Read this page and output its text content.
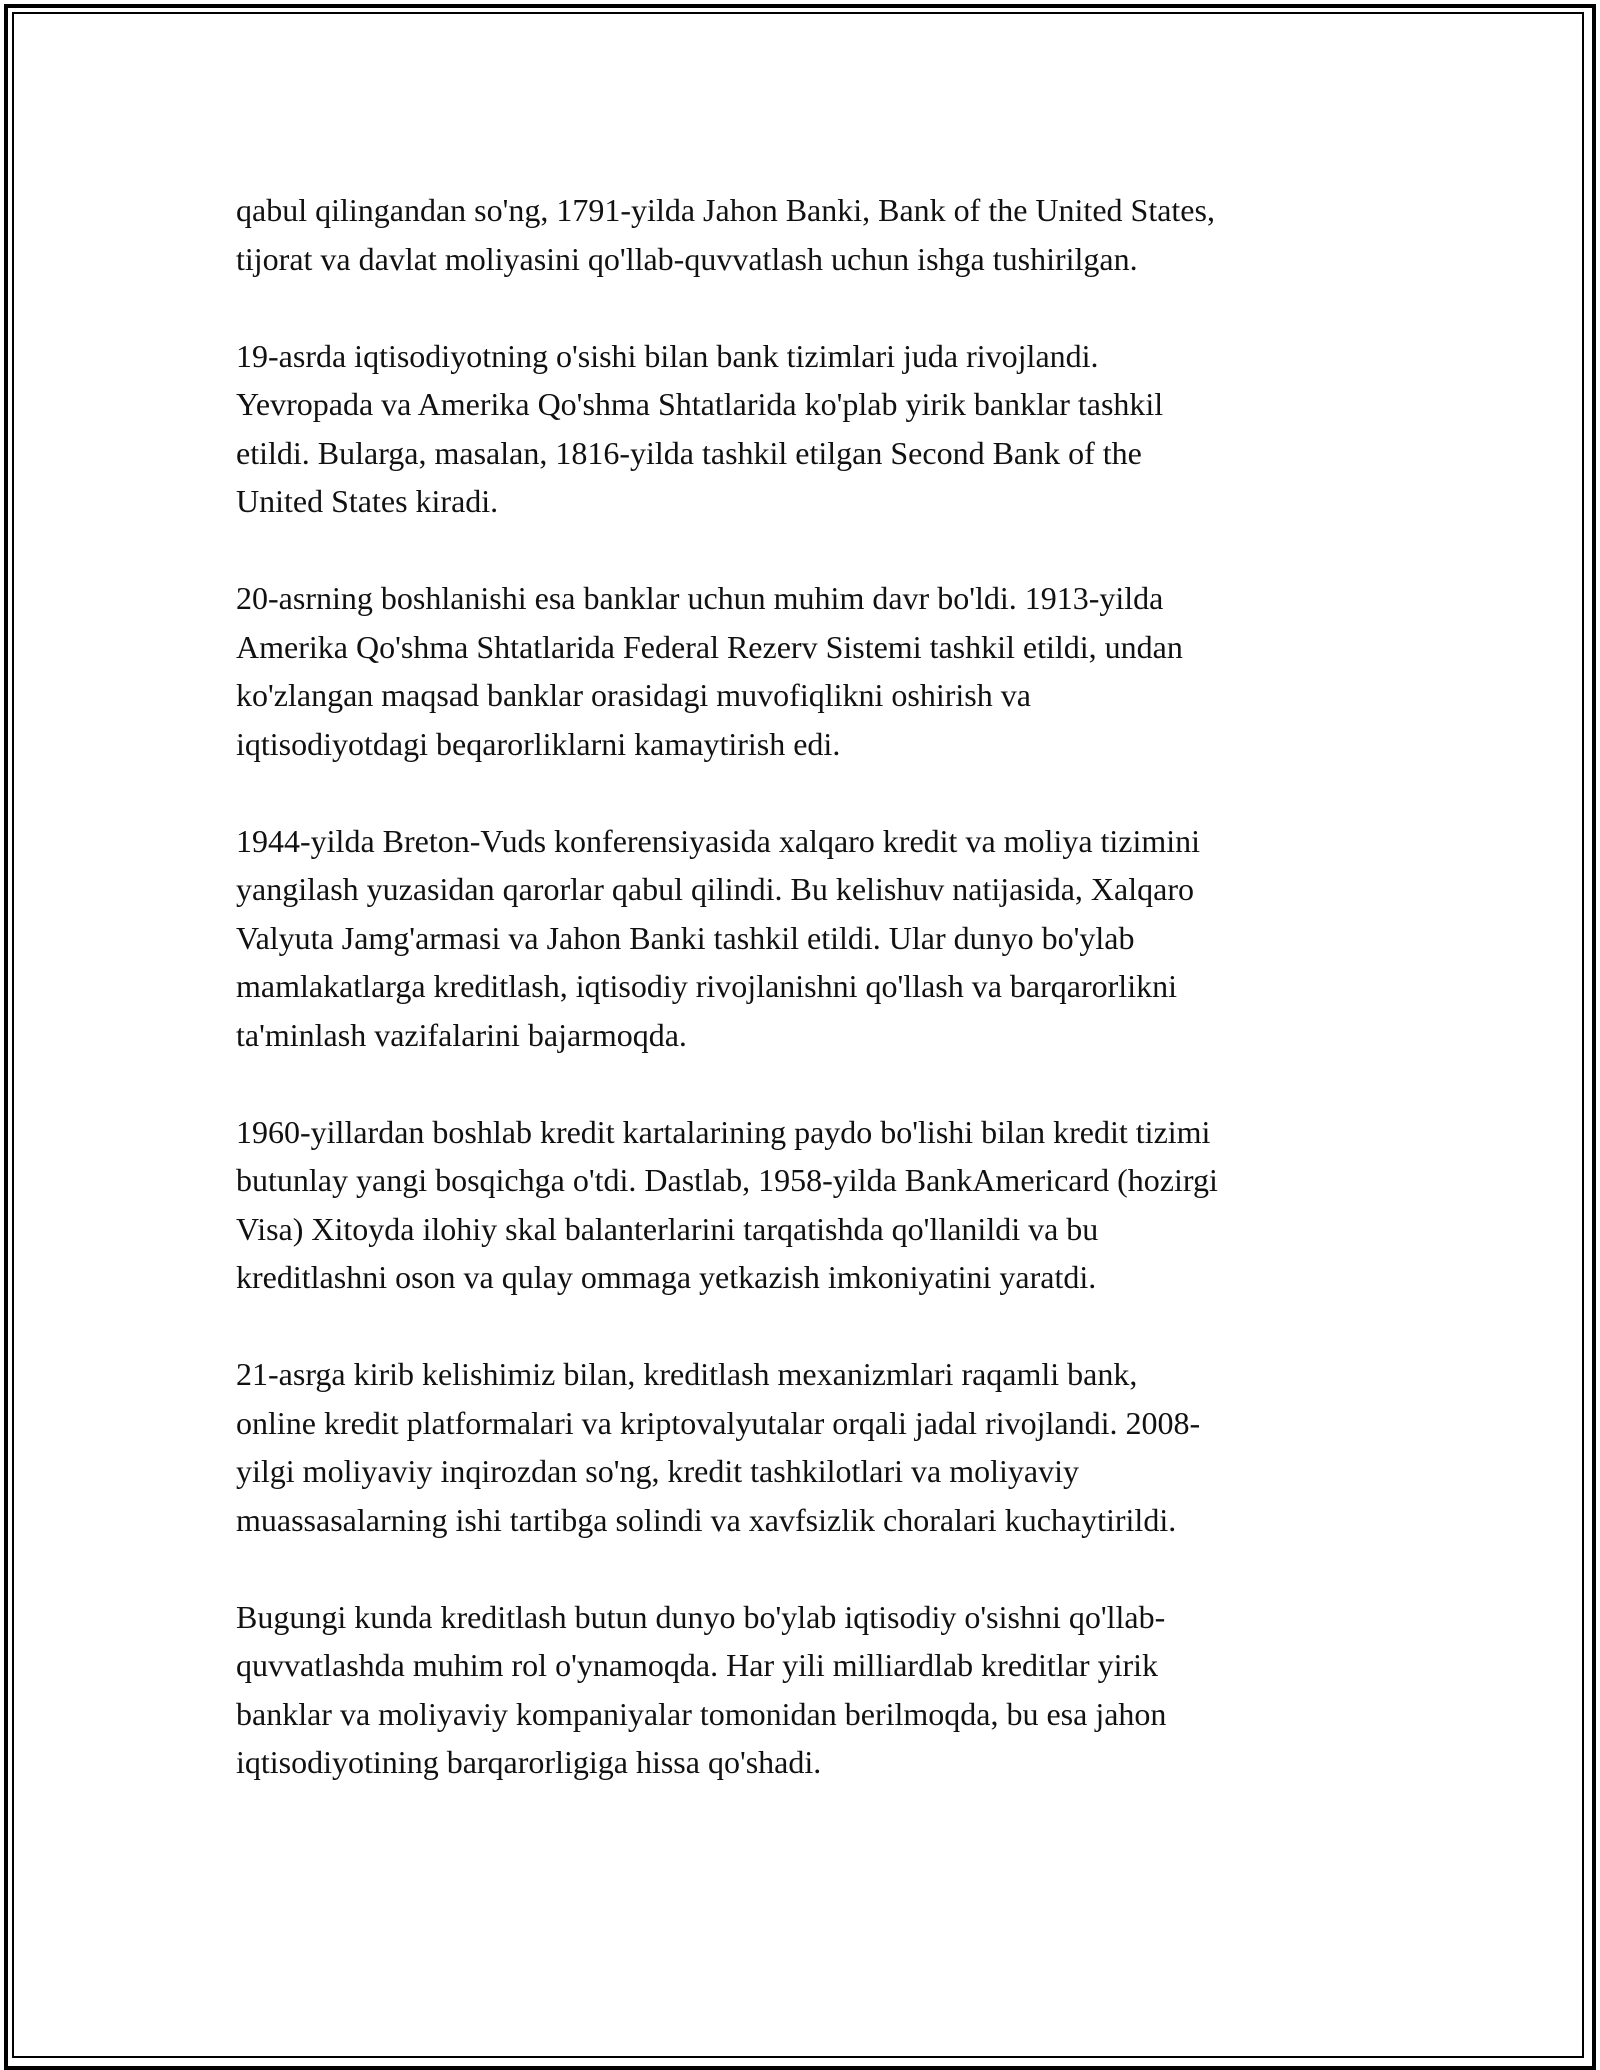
qabul qilingandan so'ng, 1791-yilda Jahon Banki, Bank of the United States,
tijorat va davlat moliyasini qo'llab-quvvatlash uchun ishga tushirilgan.

19-asrda iqtisodiyotning o'sishi bilan bank tizimlari juda rivojlandi.
Yevropada va Amerika Qo'shma Shtatlarida ko'plab yirik banklar tashkil
etildi. Bularga, masalan, 1816-yilda tashkil etilgan Second Bank of the
United States kiradi.

20-asrning boshlanishi esa banklar uchun muhim davr bo'ldi. 1913-yilda
Amerika Qo'shma Shtatlarida Federal Rezerv Sistemi tashkil etildi, undan
ko'zlangan maqsad banklar orasidagi muvofiqlikni oshirish va
iqtisodiyotdagi beqarorliklarni kamaytirish edi.

1944-yilda Breton-Vuds konferensiyasida xalqaro kredit va moliya tizimini
yangilash yuzasidan qarorlar qabul qilindi. Bu kelishuv natijasida, Xalqaro
Valyuta Jamg'armasi va Jahon Banki tashkil etildi. Ular dunyo bo'ylab
mamlakatlarga kreditlash, iqtisodiy rivojlanishni qo'llash va barqarorlikni
ta'minlash vazifalarini bajarmoqda.

1960-yillardan boshlab kredit kartalarining paydo bo'lishi bilan kredit tizimi
butunlay yangi bosqichga o'tdi. Dastlab, 1958-yilda BankAmericard (hozirgi
Visa) Xitoyda ilohiy skal balanterlarini tarqatishda qo'llanildi va bu
kreditlashni oson va qulay ommaga yetkazish imkoniyatini yaratdi.

21-asrga kirib kelishimiz bilan, kreditlash mexanizmlari raqamli bank,
online kredit platformalari va kriptovalyutalar orqali jadal rivojlandi. 2008-
yilgi moliyaviy inqirozdan so'ng, kredit tashkilotlari va moliyaviy
muassasalarning ishi tartibga solindi va xavfsizlik choralari kuchaytirildi.

Bugungi kunda kreditlash butun dunyo bo'ylab iqtisodiy o'sishni qo'llab-
quvvatlashda muhim rol o'ynamoqda. Har yili milliardlab kreditlar yirik
banklar va moliyaviy kompaniyalar tomonidan berilmoqda, bu esa jahon
iqtisodiyotining barqarorligiga hissa qo'shadi.
